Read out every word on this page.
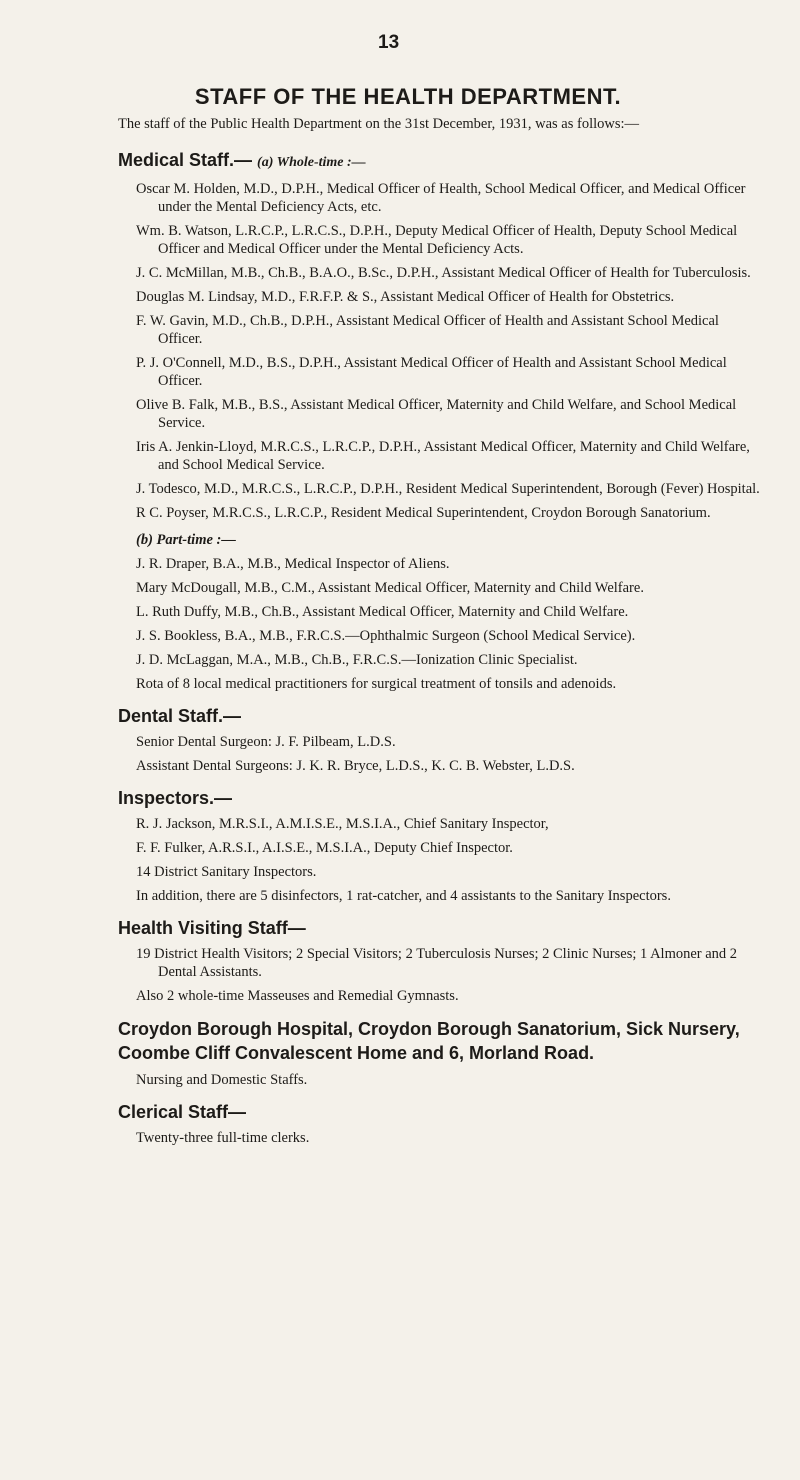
13
STAFF OF THE HEALTH DEPARTMENT.
The staff of the Public Health Department on the 31st December, 1931, was as follows:—
Medical Staff.— (a) Whole-time :—
Oscar M. Holden, M.D., D.P.H., Medical Officer of Health, School Medical Officer, and Medical Officer under the Mental Deficiency Acts, etc.
Wm. B. Watson, L.R.C.P., L.R.C.S., D.P.H., Deputy Medical Officer of Health, Deputy School Medical Officer and Medical Officer under the Mental Deficiency Acts.
J. C. McMillan, M.B., Ch.B., B.A.O., B.Sc., D.P.H., Assistant Medical Officer of Health for Tuberculosis.
Douglas M. Lindsay, M.D., F.R.F.P. & S., Assistant Medical Officer of Health for Obstetrics.
F. W. Gavin, M.D., Ch.B., D.P.H., Assistant Medical Officer of Health and Assistant School Medical Officer.
P. J. O'Connell, M.D., B.S., D.P.H., Assistant Medical Officer of Health and Assistant School Medical Officer.
Olive B. Falk, M.B., B.S., Assistant Medical Officer, Maternity and Child Welfare, and School Medical Service.
Iris A. Jenkin-Lloyd, M.R.C.S., L.R.C.P., D.P.H., Assistant Medical Officer, Maternity and Child Welfare, and School Medical Service.
J. Todesco, M.D., M.R.C.S., L.R.C.P., D.P.H., Resident Medical Superintendent, Borough (Fever) Hospital.
R C. Poyser, M.R.C.S., L.R.C.P., Resident Medical Superintendent, Croydon Borough Sanatorium.
(b) Part-time :—
J. R. Draper, B.A., M.B., Medical Inspector of Aliens.
Mary McDougall, M.B., C.M., Assistant Medical Officer, Maternity and Child Welfare.
L. Ruth Duffy, M.B., Ch.B., Assistant Medical Officer, Maternity and Child Welfare.
J. S. Bookless, B.A., M.B., F.R.C.S.—Ophthalmic Surgeon (School Medical Service).
J. D. McLaggan, M.A., M.B., Ch.B., F.R.C.S.—Ionization Clinic Specialist.
Rota of 8 local medical practitioners for surgical treatment of tonsils and adenoids.
Dental Staff.—
Senior Dental Surgeon: J. F. Pilbeam, L.D.S.
Assistant Dental Surgeons: J. K. R. Bryce, L.D.S., K. C. B. Webster, L.D.S.
Inspectors.—
R. J. Jackson, M.R.S.I., A.M.I.S.E., M.S.I.A., Chief Sanitary Inspector,
F. F. Fulker, A.R.S.I., A.I.S.E., M.S.I.A., Deputy Chief Inspector.
14 District Sanitary Inspectors.
In addition, there are 5 disinfectors, 1 rat-catcher, and 4 assistants to the Sanitary Inspectors.
Health Visiting Staff—
19 District Health Visitors; 2 Special Visitors; 2 Tuberculosis Nurses; 2 Clinic Nurses; 1 Almoner and 2 Dental Assistants.
Also 2 whole-time Masseuses and Remedial Gymnasts.
Croydon Borough Hospital, Croydon Borough Sanatorium, Sick Nursery, Coombe Cliff Convalescent Home and 6, Morland Road.
Nursing and Domestic Staffs.
Clerical Staff—
Twenty-three full-time clerks.
